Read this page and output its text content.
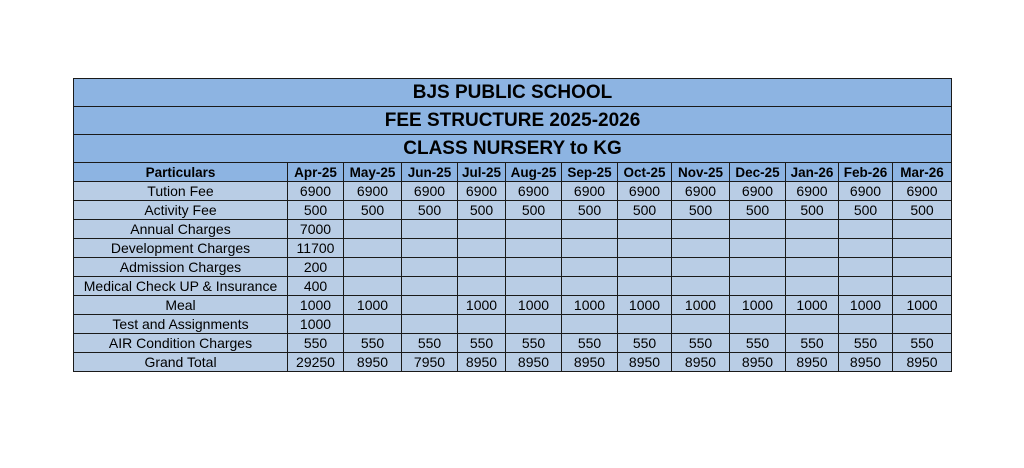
BJS PUBLIC SCHOOL												
FEE STRUCTURE 2025-2026												
CLASS NURSERY to KG												
Particulars	Apr-25	May-25	Jun-25	Jul-25	Aug-25	Sep-25	Oct-25	Nov-25	Dec-25	Jan-26	Feb-26	Mar-26
Tution Fee	6900	6900	6900	6900	6900	6900	6900	6900	6900	6900	6900	6900
Activity Fee	500	500	500	500	500	500	500	500	500	500	500	500
Annual Charges	7000											
Development Charges	11700											
Admission Charges	200											
Medical Check UP & Insurance	400											
Meal	1000	1000		1000	1000	1000	1000	1000	1000	1000	1000	1000
Test and Assignments	1000											
AIR Condition Charges	550	550	550	550	550	550	550	550	550	550	550	550
Grand Total	29250	8950	7950	8950	8950	8950	8950	8950	8950	8950	8950	8950
